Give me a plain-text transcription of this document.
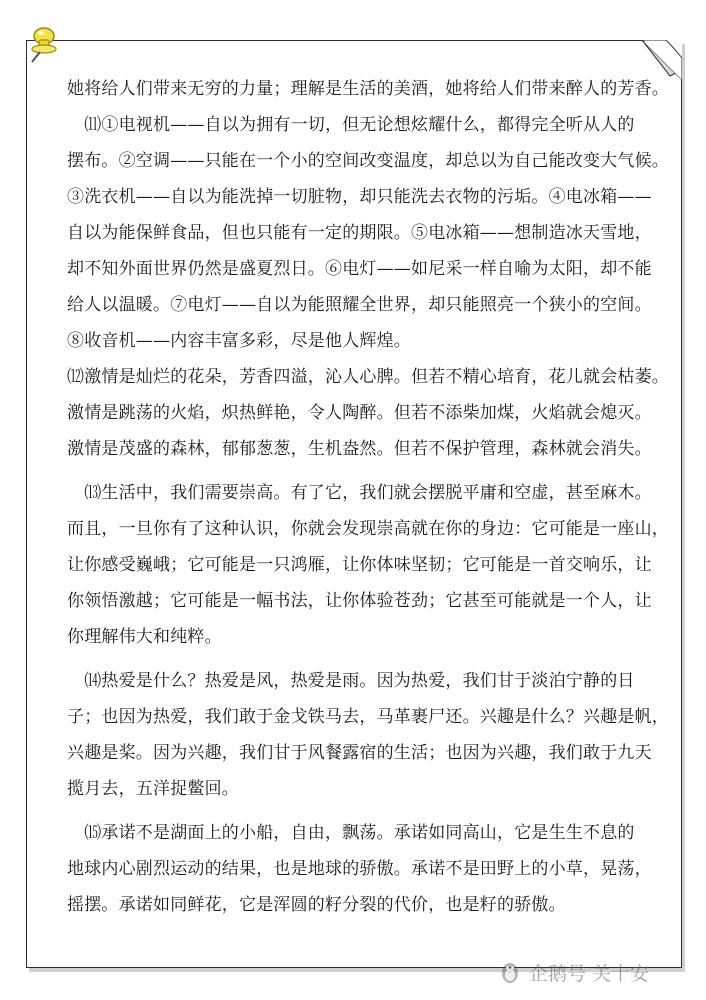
她将给人们带来无穷的力量；理解是生活的美酒，她将给人们带来醉人的芳香。
　⑾①电视机——自以为拥有一切，但无论想炫耀什么，都得完全听从人的
摆布。②空调——只能在一个小的空间改变温度，却总以为自己能改变大气候。
③洗衣机——自以为能洗掉一切脏物，却只能洗去衣物的污垢。④电冰箱——
自以为能保鲜食品，但也只能有一定的期限。⑤电冰箱——想制造冰天雪地，
却不知外面世界仍然是盛夏烈日。⑥电灯——如尼采一样自喻为太阳，却不能
给人以温暖。⑦电灯——自以为能照耀全世界，却只能照亮一个狭小的空间。
⑧收音机——内容丰富多彩，尽是他人辉煌。
⑿激情是灿烂的花朵，芳香四溢，沁人心脾。但若不精心培育，花儿就会枯萎。
激情是跳荡的火焰，炽热鲜艳，令人陶醉。但若不添柴加煤，火焰就会熄灭。
激情是茂盛的森林，郁郁葱葱，生机盎然。但若不保护管理，森林就会消失。
　⒀生活中，我们需要崇高。有了它，我们就会摆脱平庸和空虚，甚至麻木。
而且，一旦你有了这种认识，你就会发现崇高就在你的身边：它可能是一座山，
让你感受巍峨；它可能是一只鸿雁，让你体味坚韧；它可能是一首交响乐，让
你领悟激越；它可能是一幅书法，让你体验苍劲；它甚至可能就是一个人，让
你理解伟大和纯粹。
　⒁热爱是什么？热爱是风，热爱是雨。因为热爱，我们甘于淡泊宁静的日
子；也因为热爱，我们敢于金戈铁马去，马革裹尸还。兴趣是什么？兴趣是帆，
兴趣是桨。因为兴趣，我们甘于风餐露宿的生活；也因为兴趣，我们敢于九天
揽月去，五洋捉鳖回。
　⒂承诺不是湖面上的小船，自由，飘荡。承诺如同高山，它是生生不息的
地球内心剧烈运动的结果，也是地球的骄傲。承诺不是田野上的小草，晃荡，
摇摆。承诺如同鲜花，它是浑圆的籽分裂的代价，也是籽的骄傲。
企鹅号 关十安
